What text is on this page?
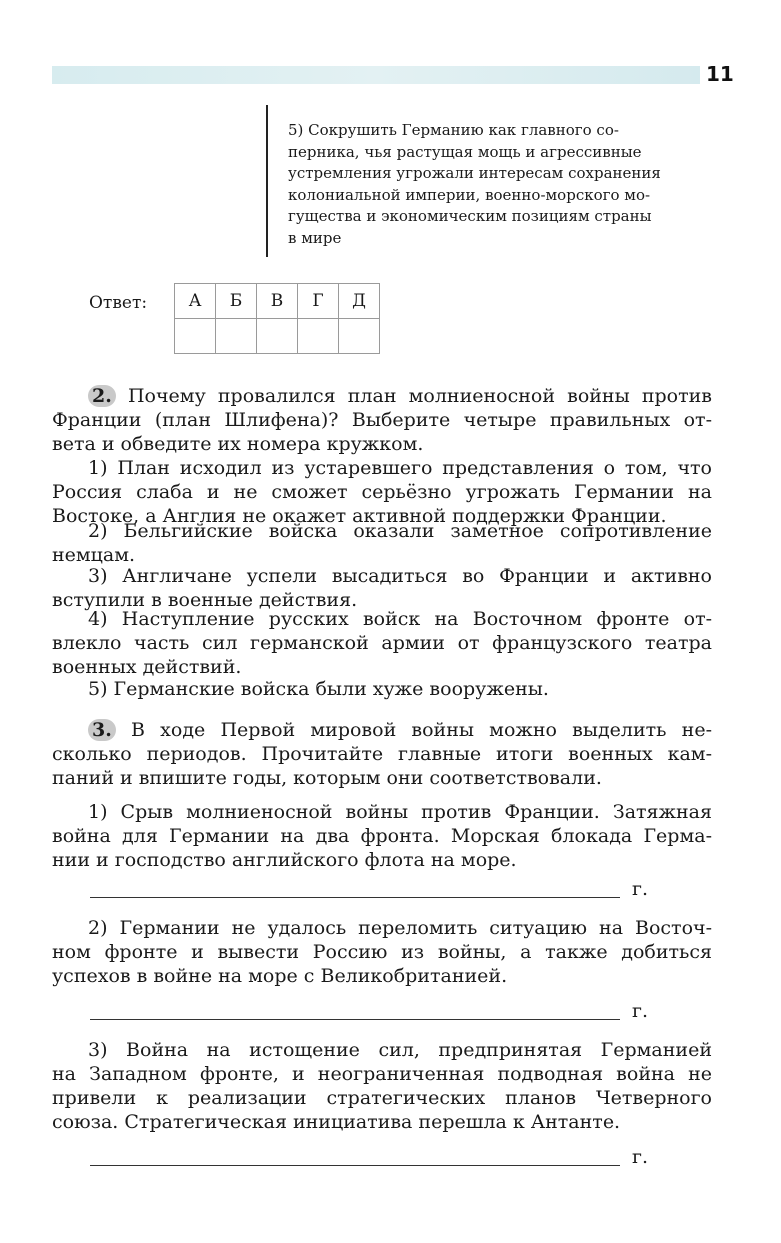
11
5) Сокрушить Германию как главного со-
перника, чья растущая мощь и агрессивные
устремления угрожали интересам сохранения
колониальной империи, военно-морского мо-
гущества и экономическим позициям страны
в мире
Ответ: А	Б	В	Г	Д

2. Почему провалился план молниеносной войны против
Франции (план Шлифена)? Выберите четыре правильных от-
вета и обведите их номера кружком.
1) План исходил из устаревшего представления о том, что
Россия слаба и не сможет серьёзно угрожать Германии на
Востоке, а Англия не окажет активной поддержки Франции.
2) Бельгийские войска оказали заметное сопротивление
немцам.
3) Англичане успели высадиться во Франции и активно
вступили в военные действия.
4) Наступление русских войск на Восточном фронте от-
влекло часть сил германской армии от французского театра
военных действий.
5) Германские войска были хуже вооружены.
3. В ходе Первой мировой войны можно выделить не-
сколько периодов. Прочитайте главные итоги военных кам-
паний и впишите годы, которым они соответствовали.
1) Срыв молниеносной войны против Франции. Затяжная
война для Германии на два фронта. Морская блокада Герма-
нии и господство английского флота на море.
г.
2) Германии не удалось переломить ситуацию на Восточ-
ном фронте и вывести Россию из войны, а также добиться
успехов в войне на море с Великобританией.
г.
3) Война на истощение сил, предпринятая Германией
на Западном фронте, и неограниченная подводная война не
привели к реализации стратегических планов Четверного
союза. Стратегическая инициатива перешла к Антанте.
г.
